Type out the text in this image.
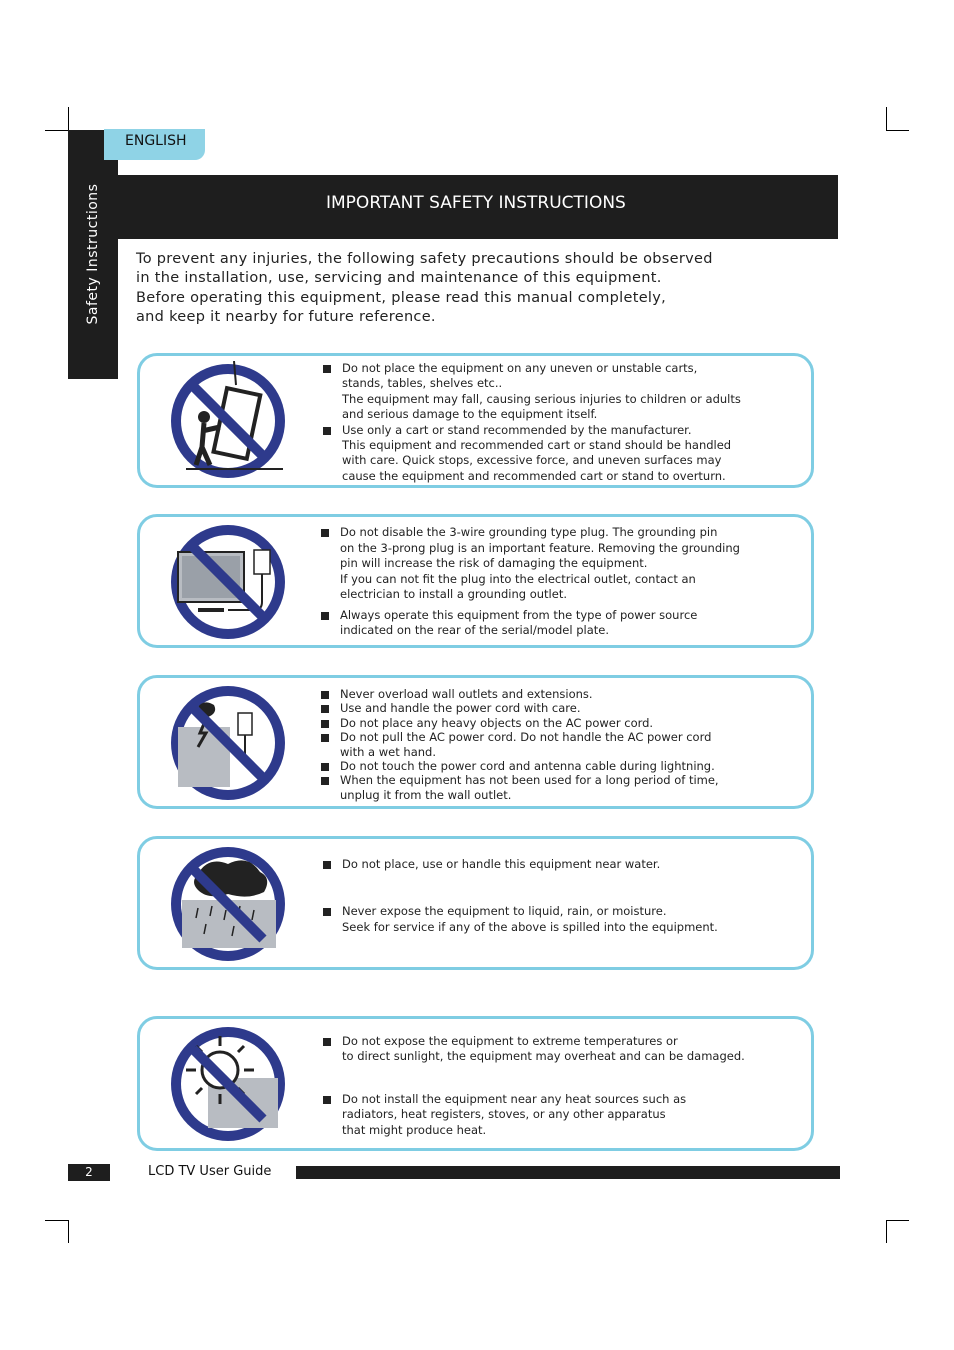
Safety Instructions
ENGLISH
IMPORTANT SAFETY INSTRUCTIONS
To prevent any injuries, the following safety precautions should be observed
in the installation, use, servicing and maintenance of this equipment.
Before operating this equipment, please read this manual completely,
and keep it nearby for future reference.
Do not place the equipment on any uneven or unstable carts,
stands, tables, shelves etc..
The equipment may fall, causing serious injuries to children or adults
and serious damage to the equipment itself.
Use only a cart or stand recommended by the manufacturer.
This equipment and recommended cart or stand should be handled
with care. Quick stops, excessive force, and uneven surfaces may
cause the equipment and recommended cart or stand to overturn.
Do not disable the 3-wire grounding type plug. The grounding pin
on the 3-prong plug is an important feature. Removing the grounding
pin will increase the risk of damaging the equipment.
If you can not fit the plug into the electrical outlet, contact an
electrician to install a grounding outlet.
Always operate this equipment from the type of power source
indicated on the rear of the serial/model plate.
Never overload wall outlets and extensions.
Use and handle the power cord with care.
Do not place any heavy objects on the AC power cord.
Do not pull the AC power cord. Do not handle the AC power cord
with a wet hand.
Do not touch the power cord and antenna cable during lightning.
When the equipment has not been used for a long period of time,
unplug it from the wall outlet.
Do not place, use or handle this equipment near water.
Never expose the equipment to liquid, rain, or moisture.
Seek for service if any of the above is spilled into the equipment.
Do not expose the equipment to extreme temperatures or
to direct sunlight, the equipment may overheat and can be damaged.
Do not install the equipment near any heat sources such as
radiators, heat registers, stoves, or any other apparatus
that might produce heat.
2	LCD TV User Guide
